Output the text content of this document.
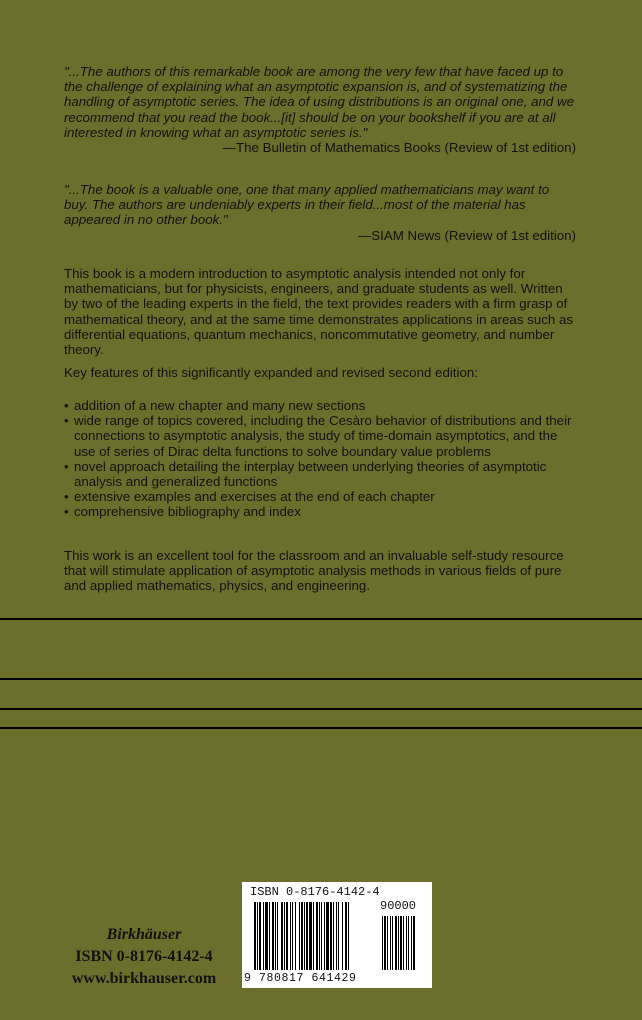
"...The authors of this remarkable book are among the very few that have faced up to the challenge of explaining what an asymptotic expansion is, and of systematizing the handling of asymptotic series. The idea of using distributions is an original one, and we recommend that you read the book...[it] should be on your bookshelf if you are at all interested in knowing what an asymptotic series is."

—The Bulletin of Mathematics Books (Review of 1st edition)

"...The book is a valuable one, one that many applied mathematicians may want to buy. The authors are undeniably experts in their field...most of the material has appeared in no other book."

—SIAM News (Review of 1st edition)

This book is a modern introduction to asymptotic analysis intended not only for mathematicians, but for physicists, engineers, and graduate students as well. Written by two of the leading experts in the field, the text provides readers with a firm grasp of mathematical theory, and at the same time demonstrates applications in areas such as differential equations, quantum mechanics, noncommutative geometry, and number theory.

Key features of this significantly expanded and revised second edition:

• addition of a new chapter and many new sections
• wide range of topics covered, including the Cesàro behavior of distributions and their connections to asymptotic analysis, the study of time-domain asymptotics, and the use of series of Dirac delta functions to solve boundary value problems
• novel approach detailing the interplay between underlying theories of asymptotic analysis and generalized functions
• extensive examples and exercises at the end of each chapter
• comprehensive bibliography and index

This work is an excellent tool for the classroom and an invaluable self-study resource that will stimulate application of asymptotic analysis methods in various fields of pure and applied mathematics, physics, and engineering.

Birkhäuser
ISBN 0-8176-4142-4
www.birkhauser.com
ISBN 0-8176-4142-4
90000
9 780817 641429
